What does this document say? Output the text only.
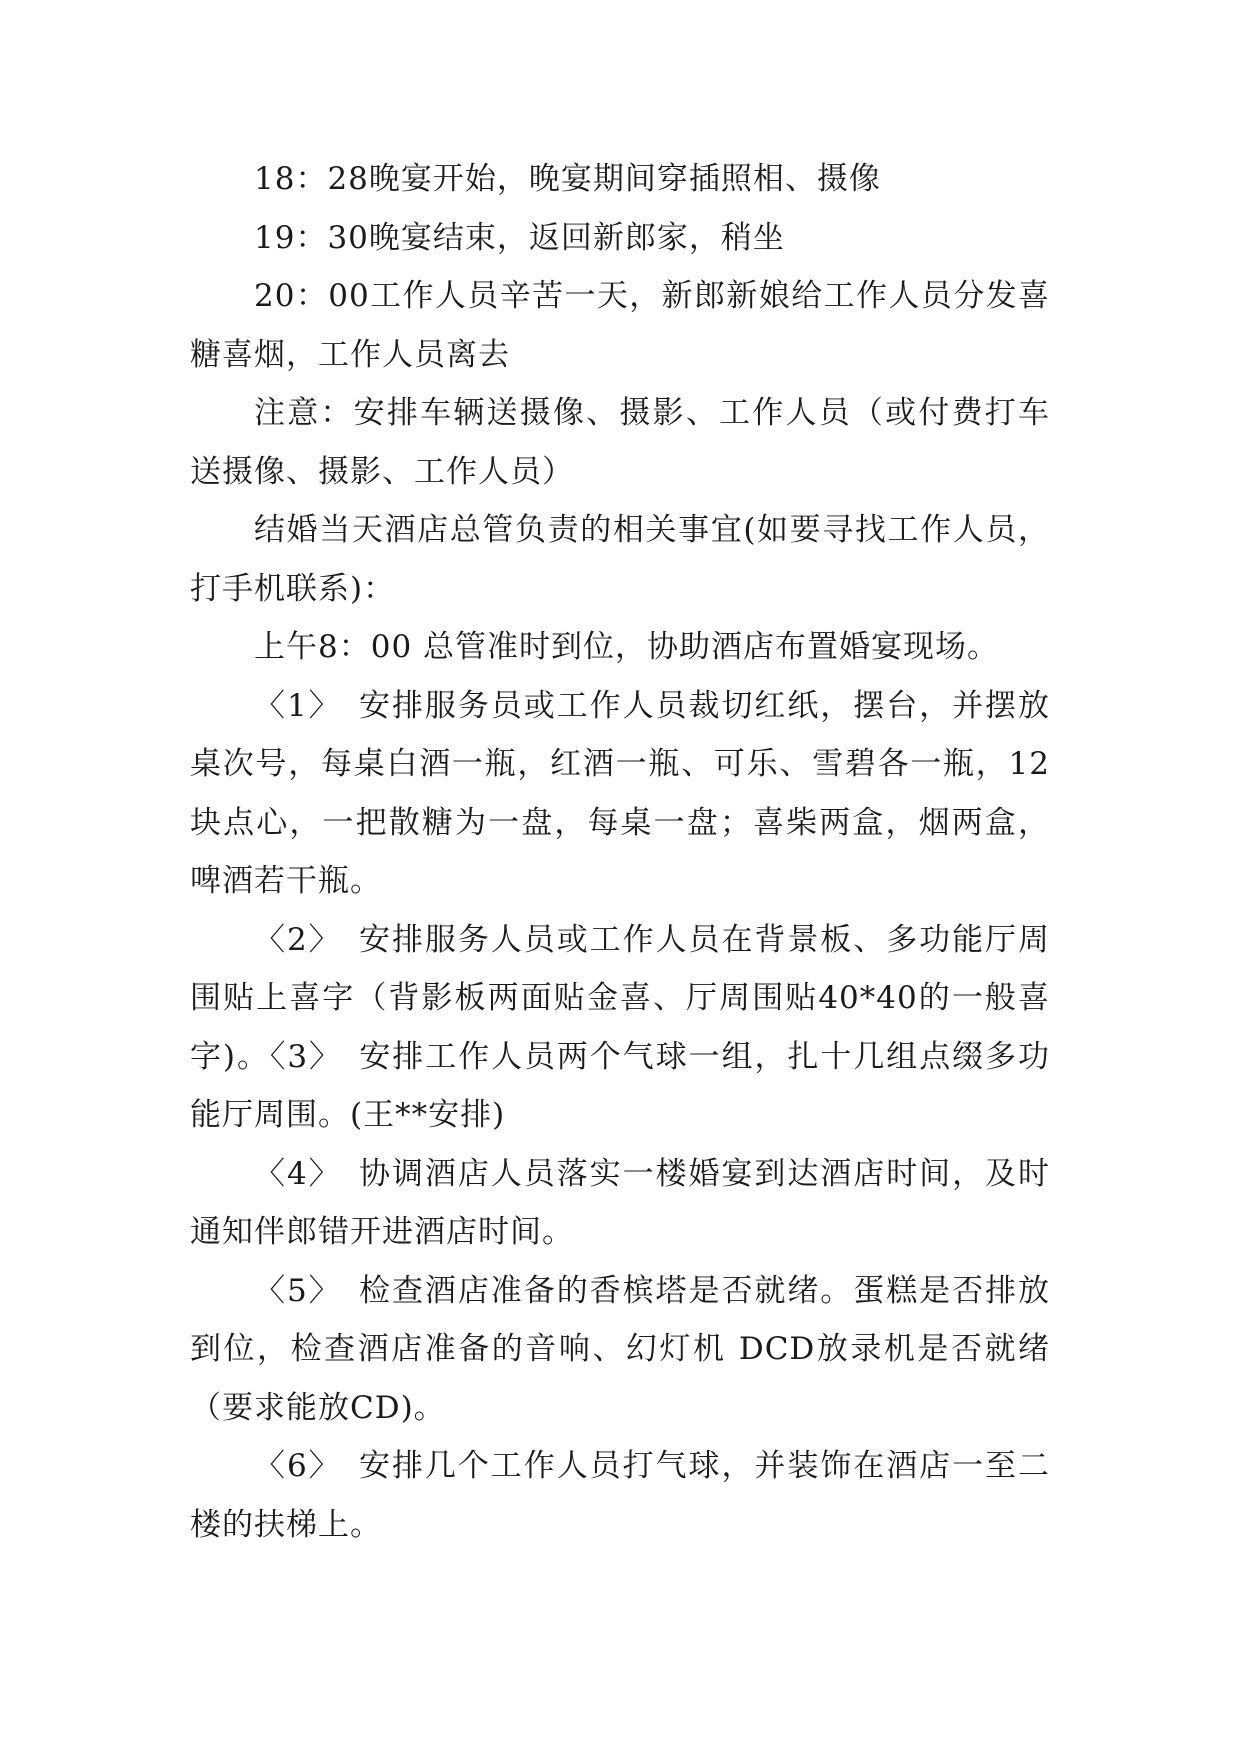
18：28晚宴开始，晚宴期间穿插照相、摄像

19：30晚宴结束，返回新郎家，稍坐

20：00工作人员辛苦一天，新郎新娘给工作人员分发喜糖喜烟，工作人员离去

注意：安排车辆送摄像、摄影、工作人员（或付费打车送摄像、摄影、工作人员）

结婚当天酒店总管负责的相关事宜(如要寻找工作人员，打手机联系)：

上午8：00 总管准时到位，协助酒店布置婚宴现场。

〈1〉　安排服务员或工作人员裁切红纸，摆台，并摆放桌次号，每桌白酒一瓶，红酒一瓶、可乐、雪碧各一瓶，12块点心，一把散糖为一盘，每桌一盘；喜柴两盒，烟两盒，啤酒若干瓶。

〈2〉　安排服务人员或工作人员在背景板、多功能厅周围贴上喜字（背影板两面贴金喜、厅周围贴40*40的一般喜字)。〈3〉　安排工作人员两个气球一组，扎十几组点缀多功能厅周围。(王**安排)

〈4〉　协调酒店人员落实一楼婚宴到达酒店时间，及时通知伴郎错开进酒店时间。

〈5〉　检查酒店准备的香槟塔是否就绪。蛋糕是否排放到位，检查酒店准备的音响、幻灯机 DCD放录机是否就绪（要求能放CD)。

〈6〉　安排几个工作人员打气球，并装饰在酒店一至二楼的扶梯上。
